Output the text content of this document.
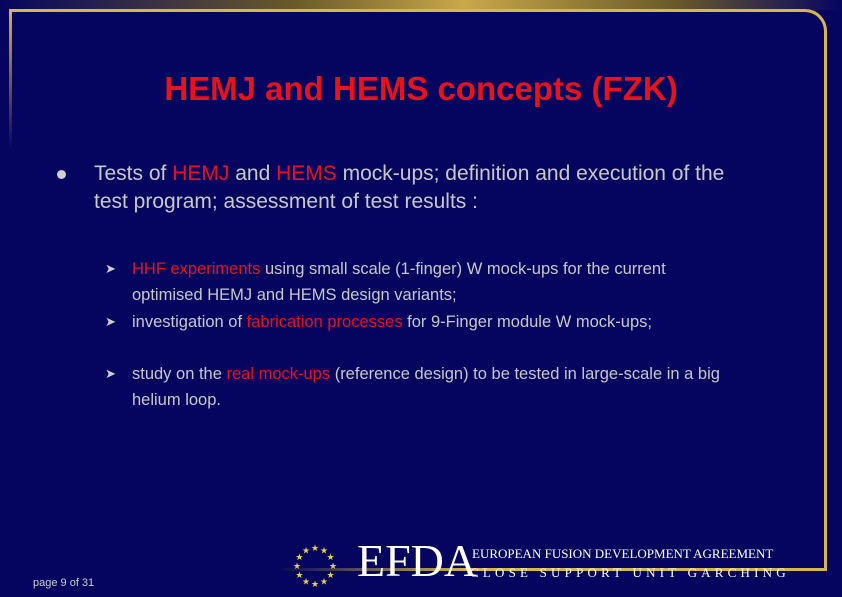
HEMJ and HEMS concepts (FZK)
Tests of HEMJ and HEMS mock-ups; definition and execution of the test program; assessment of test results :
➤ HHF experiments using small scale (1-finger) W mock-ups for the current optimised HEMJ and HEMS design variants;
➤ investigation of fabrication processes for 9-Finger module W mock-ups;
➤ study on the real mock-ups (reference design) to be tested in large-scale in a big helium loop.
page 9 of 31
★ ★
★
★
★
★
★
★
★
★
★
★ EFDA
EUROPEAN FUSION DEVELOPMENT AGREEMENT
CLOSE SUPPORT UNIT GARCHING
